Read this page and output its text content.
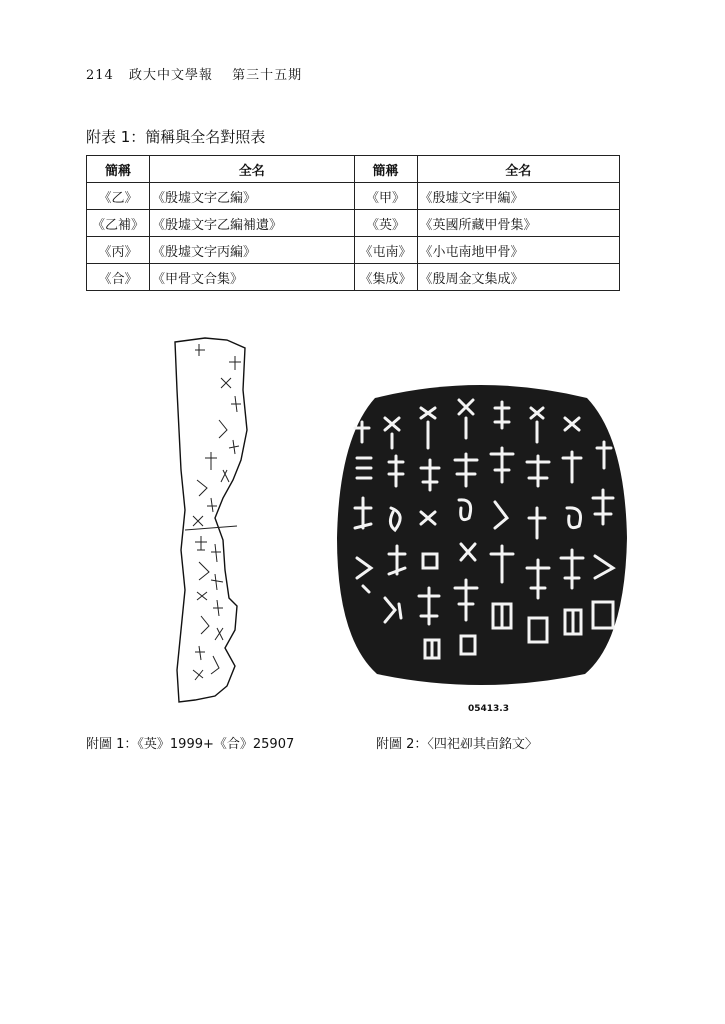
214 政大中文學報 第三十五期
附表 1：簡稱與全名對照表
簡稱	全名	簡稱	全名
《乙》	《殷墟文字乙編》	《甲》	《殷墟文字甲編》
《乙補》	《殷墟文字乙編補遺》	《英》	《英國所藏甲骨集》
《丙》	《殷墟文字丙編》	《屯南》	《小屯南地甲骨》
《合》	《甲骨文合集》	《集成》	《殷周金文集成》
05413.3
附圖 1：《英》1999+《合》25907	附圖 2：〈四祀𠨘其卣銘文〉
